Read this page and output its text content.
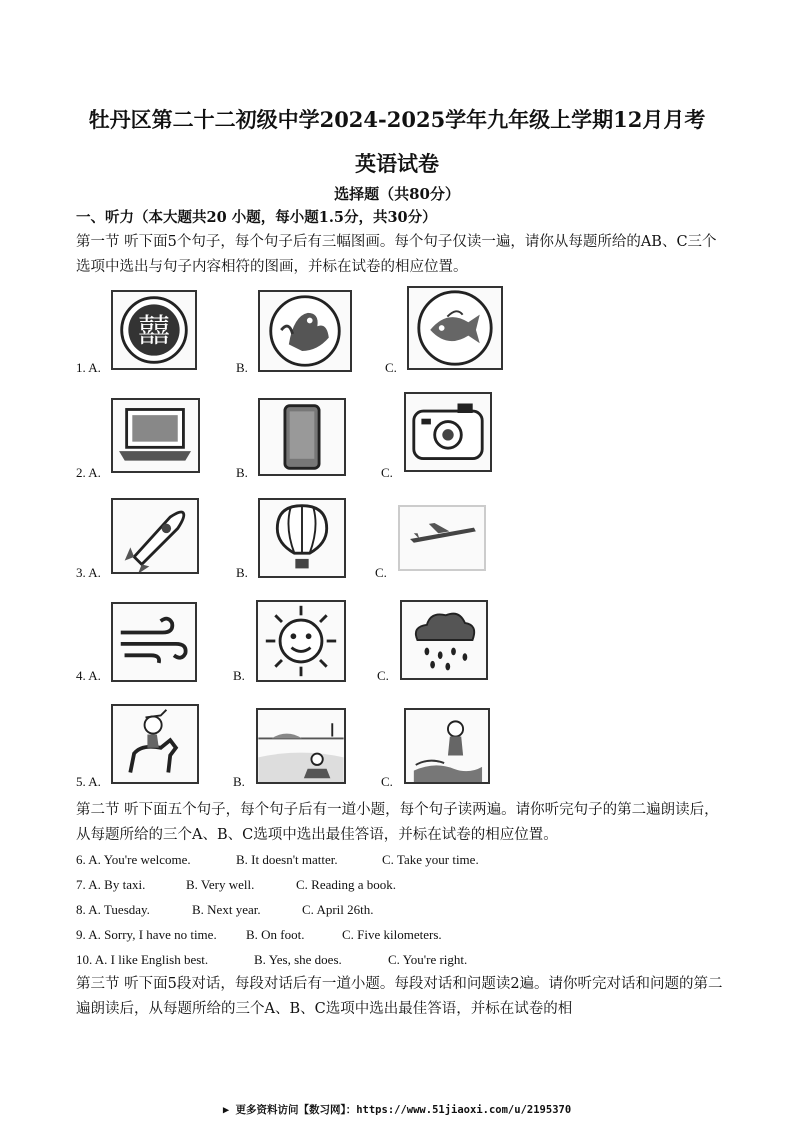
牡丹区第二十二初级中学2024-2025学年九年级上学期12月月考
英语试卷
选择题（共80分）
一、听力（本大题共20 小题，每小题1.5分，共30分）
第一节 听下面5个句子，每个句子后有三幅图画。每个句子仅读一遍，请你从每题所给的AB、C三个选项中选出与句子内容相符的图画，并标在试卷的相应位置。
1. A.
囍
B.	C.
2. A.	B.	C.
3. A.	B.	C.
4. A.	B.	C.
5. A.	B.	C.
第二节 听下面五个句子，每个句子后有一道小题，每个句子读两遍。请你听完句子的第二遍朗读后，从每题所给的三个A、B、C选项中选出最佳答语，并标在试卷的相应位置。
6. A. You're welcome.	B. It doesn't matter.	C. Take your time.
7. A. By taxi.	B. Very well.	C. Reading a book.
8. A. Tuesday.	B. Next year.	C. April 26th.
9. A. Sorry, I have no time. B. On foot.	C. Five kilometers.
10. A. I like English best.	B. Yes, she does.	C. You're right.
第三节 听下面5段对话，每段对话后有一道小题。每段对话和问题读2遍。请你听完对话和问题的第二遍朗读后，从每题所给的三个A、B、C选项中选出最佳答语，并标在试卷的相
▶ 更多资料访问【数习网】：https://www.51jiaoxi.com/u/2195370
